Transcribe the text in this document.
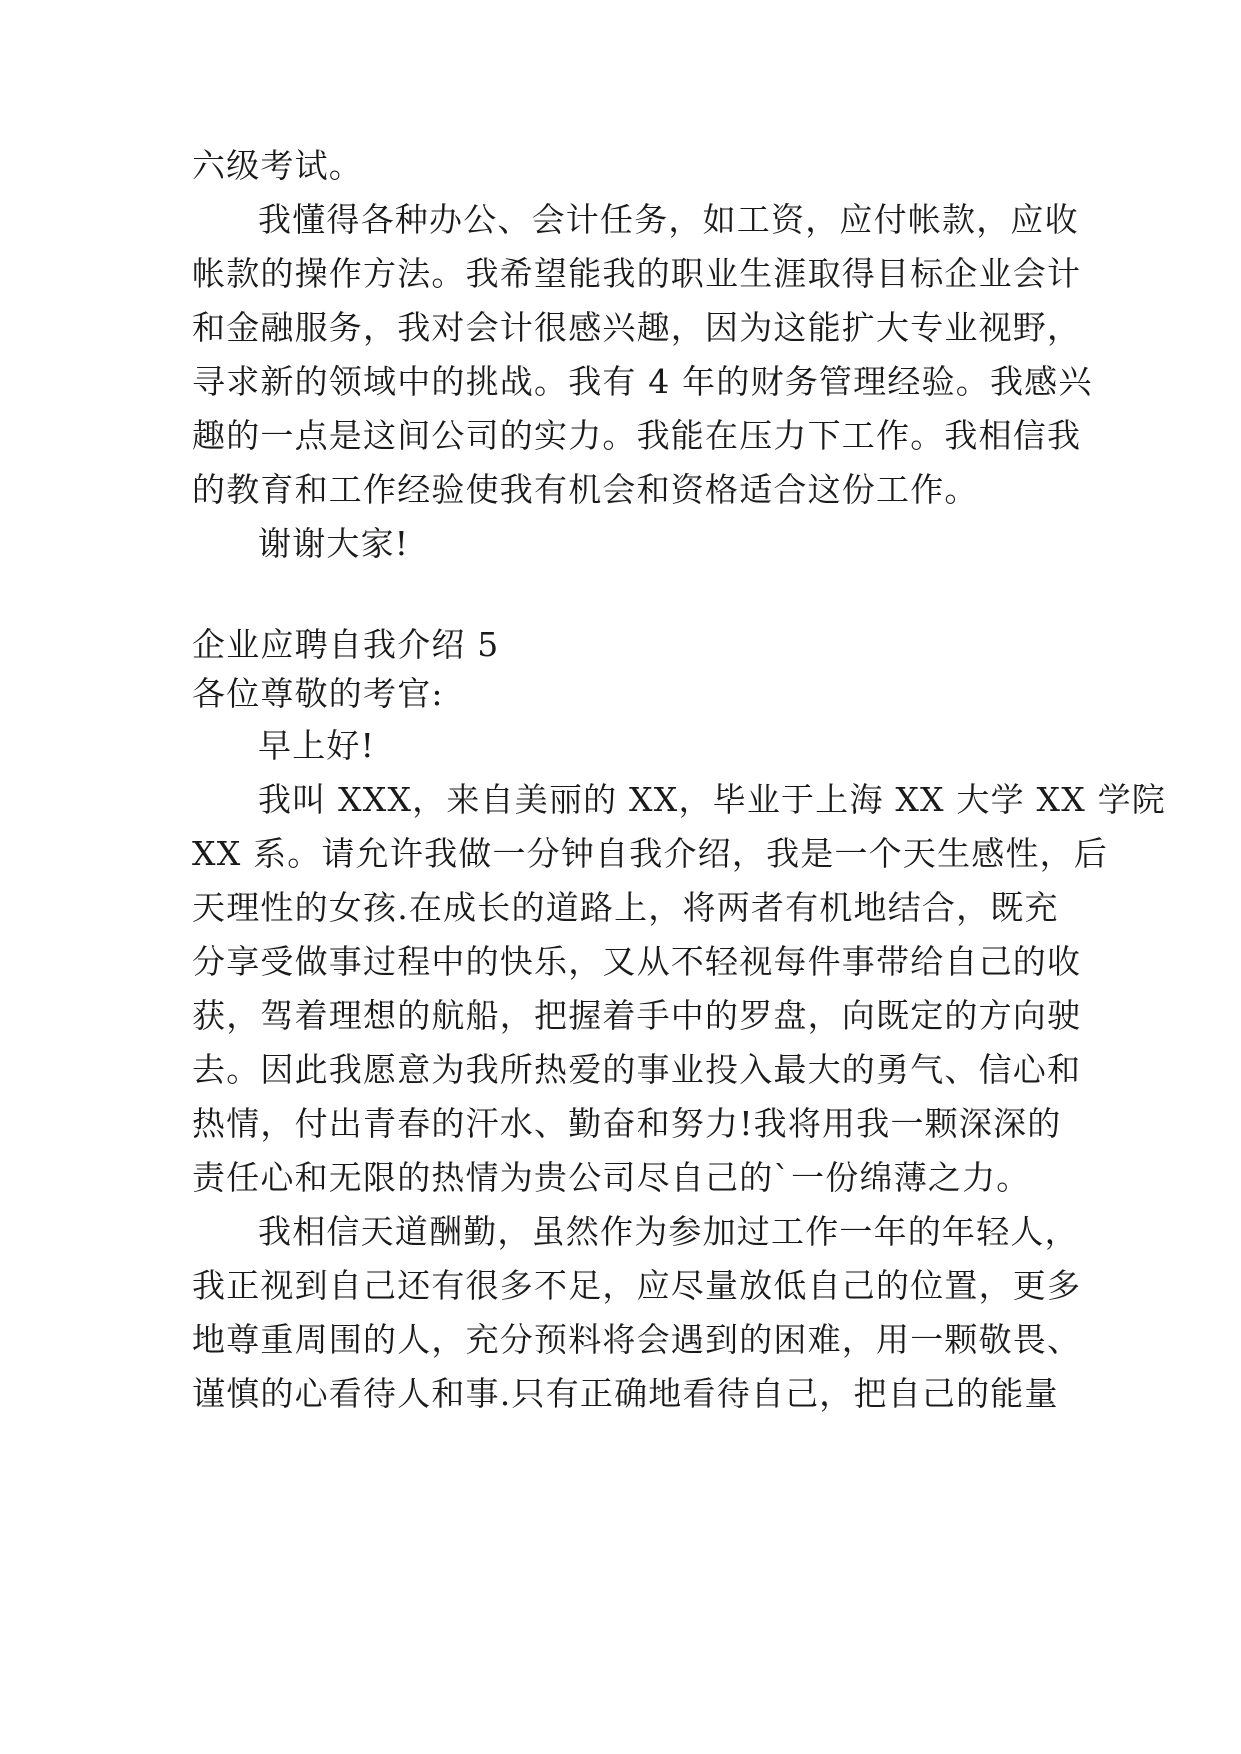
六级考试。
我懂得各种办公、会计任务，如工资，应付帐款，应收
帐款的操作方法。我希望能我的职业生涯取得目标企业会计
和金融服务，我对会计很感兴趣，因为这能扩大专业视野，
寻求新的领域中的挑战。我有 4 年的财务管理经验。我感兴
趣的一点是这间公司的实力。我能在压力下工作。我相信我
的教育和工作经验使我有机会和资格适合这份工作。
谢谢大家!
企业应聘自我介绍 5
各位尊敬的考官:
早上好!
我叫 XXX，来自美丽的 XX，毕业于上海 XX 大学 XX 学院
XX 系。请允许我做一分钟自我介绍，我是一个天生感性，后
天理性的女孩.在成长的道路上，将两者有机地结合，既充
分享受做事过程中的快乐，又从不轻视每件事带给自己的收
获，驾着理想的航船，把握着手中的罗盘，向既定的方向驶
去。因此我愿意为我所热爱的事业投入最大的勇气、信心和
热情，付出青春的汗水、勤奋和努力!我将用我一颗深深的
责任心和无限的热情为贵公司尽自己的`一份绵薄之力。
我相信天道酬勤，虽然作为参加过工作一年的年轻人，
我正视到自己还有很多不足，应尽量放低自己的位置，更多
地尊重周围的人，充分预料将会遇到的困难，用一颗敬畏、
谨慎的心看待人和事.只有正确地看待自己，把自己的能量
